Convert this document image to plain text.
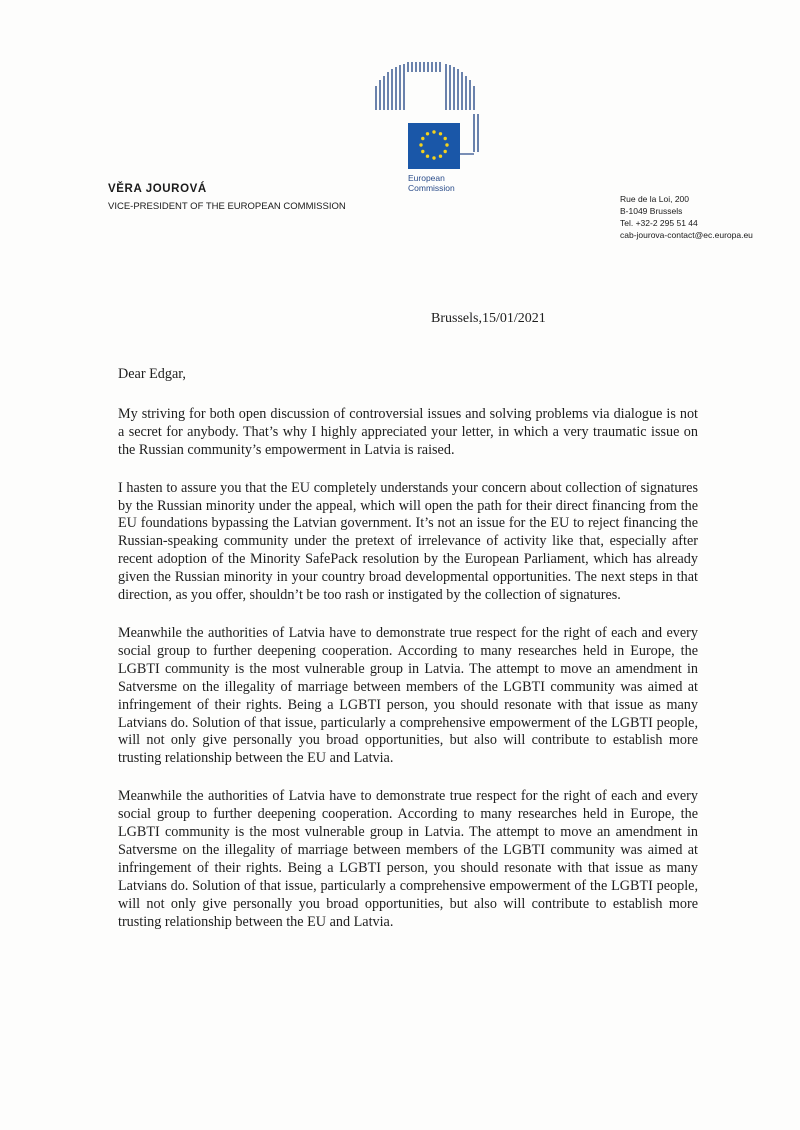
European
Commission
VĚRA JOUROVÁ
VICE-PRESIDENT OF THE EUROPEAN COMMISSION
Rue de la Loi, 200
B-1049 Brussels
Tel. +32-2 295 51 44
cab-jourova-contact@ec.europa.eu
Brussels,15/01/2021

Dear Edgar,

My striving for both open discussion of controversial issues and solving problems via dialogue is not a secret for anybody. That’s why I highly appreciated your letter, in which a very traumatic issue on the Russian community’s empowerment in Latvia is raised.

I hasten to assure you that the EU completely understands your concern about collection of signatures by the Russian minority under the appeal, which will open the path for their direct financing from the EU foundations bypassing the Latvian government. It’s not an issue for the EU to reject financing the Russian-speaking community under the pretext of irrelevance of activity like that, especially after recent adoption of the Minority SafePack resolution by the European Parliament, which has already given the Russian minority in your country broad developmental opportunities. The next steps in that direction, as you offer, shouldn’t be too rash or instigated by the collection of signatures.

Meanwhile the authorities of Latvia have to demonstrate true respect for the right of each and every social group to further deepening cooperation. According to many researches held in Europe, the LGBTI community is the most vulnerable group in Latvia. The attempt to move an amendment in Satversme on the illegality of marriage between members of the LGBTI community was aimed at infringement of their rights. Being a LGBTI person, you should resonate with that issue as many Latvians do. Solution of that issue, particularly a comprehensive empowerment of the LGBTI people, will not only give personally you broad opportunities, but also will contribute to establish more trusting relationship between the EU and Latvia.

Meanwhile the authorities of Latvia have to demonstrate true respect for the right of each and every social group to further deepening cooperation. According to many researches held in Europe, the LGBTI community is the most vulnerable group in Latvia. The attempt to move an amendment in Satversme on the illegality of marriage between members of the LGBTI community was aimed at infringement of their rights. Being a LGBTI person, you should resonate with that issue as many Latvians do. Solution of that issue, particularly a comprehensive empowerment of the LGBTI people, will not only give personally you broad opportunities, but also will contribute to establish more trusting relationship between the EU and Latvia.
